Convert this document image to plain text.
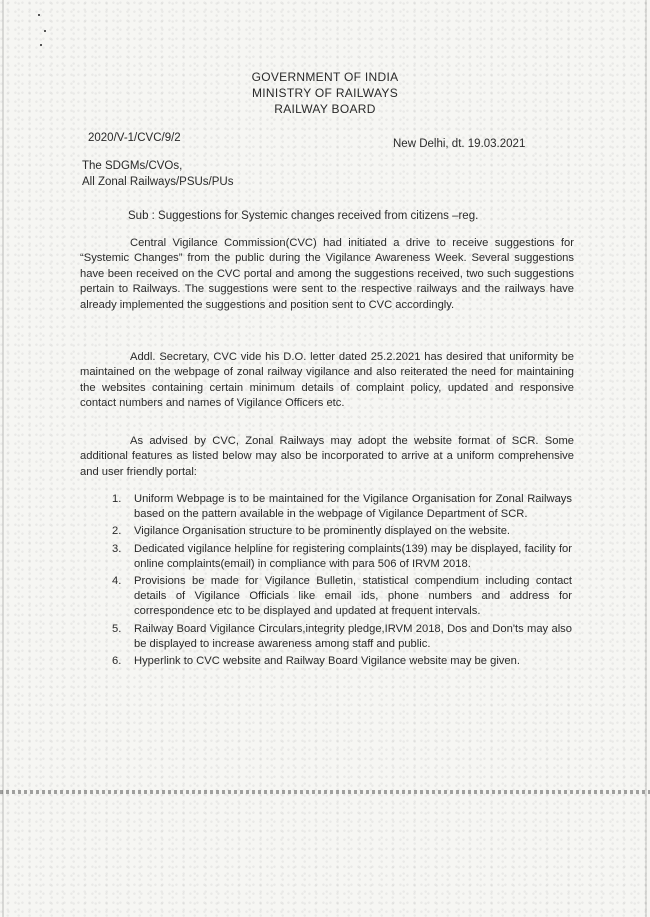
GOVERNMENT OF INDIA
MINISTRY OF RAILWAYS
RAILWAY BOARD
2020/V-1/CVC/9/2	New Delhi, dt. 19.03.2021
The SDGMs/CVOs,
All Zonal Railways/PSUs/PUs
Sub : Suggestions for Systemic changes received from citizens –reg.

Central Vigilance Commission(CVC) had initiated a drive to receive suggestions for “Systemic Changes” from the public during the Vigilance Awareness Week. Several suggestions have been received on the CVC portal and among the suggestions received, two such suggestions pertain to Railways. The suggestions were sent to the respective railways and the railways have already implemented the suggestions and position sent to CVC accordingly.

Addl. Secretary, CVC vide his D.O. letter dated 25.2.2021 has desired that uniformity be maintained on the webpage of zonal railway vigilance and also reiterated the need for maintaining the websites containing certain minimum details of complaint policy, updated and responsive contact numbers and names of Vigilance Officers etc.

As advised by CVC, Zonal Railways may adopt the website format of SCR. Some additional features as listed below may also be incorporated to arrive at a uniform comprehensive and user friendly portal:

1. Uniform Webpage is to be maintained for the Vigilance Organisation for Zonal Railways based on the pattern available in the webpage of Vigilance Department of SCR.
2. Vigilance Organisation structure to be prominently displayed on the website.
3. Dedicated vigilance helpline for registering complaints(139) may be displayed, facility for online complaints(email) in compliance with para 506 of IRVM 2018.
4. Provisions be made for Vigilance Bulletin, statistical compendium including contact details of Vigilance Officials like email ids, phone numbers and address for correspondence etc to be displayed and updated at frequent intervals.
5. Railway Board Vigilance Circulars,integrity pledge,IRVM 2018, Dos and Don'ts may also be displayed to increase awareness among staff and public.
6. Hyperlink to CVC website and Railway Board Vigilance website may be given.
